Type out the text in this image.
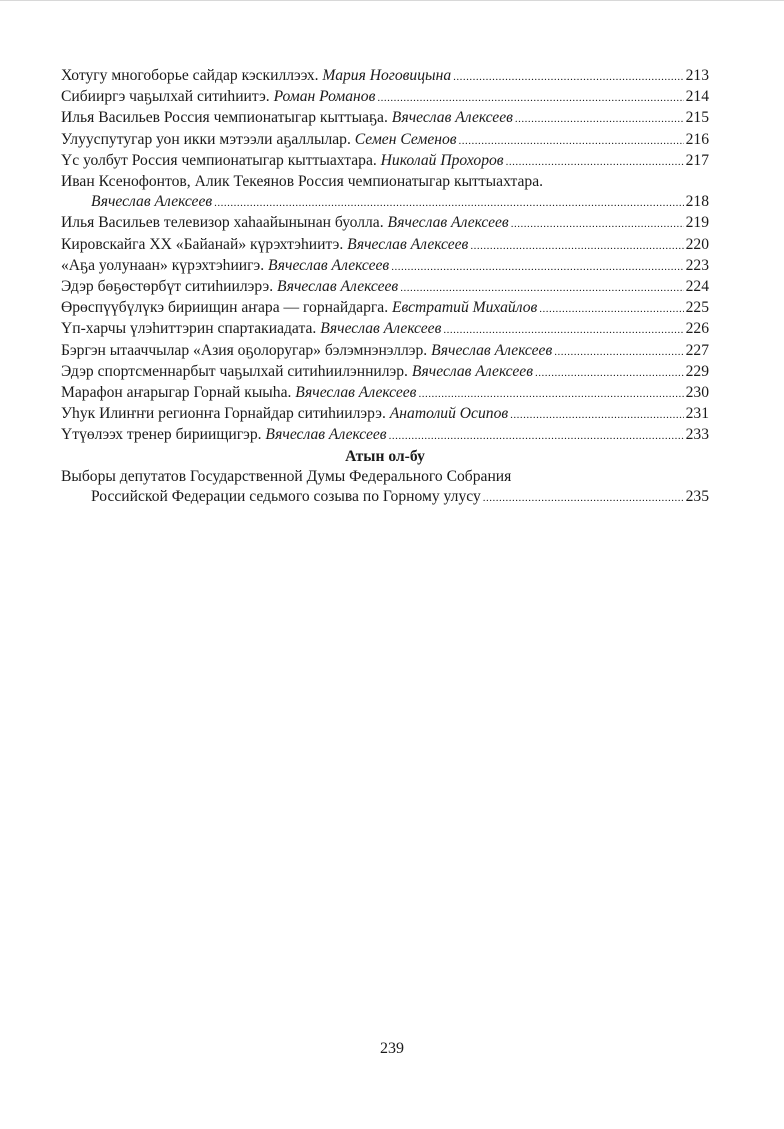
Хотугу многоборье сайдар кэскиллээх. Мария Ноговицына .....	213
Сибииргэ чаҕылхай ситиһиитэ. Роман Романов .....	214
Илья Васильев Россия чемпионатыгар кыттыаҕа. Вячеслав Алексеев .....	215
Улууспутугар уон икки мэтээли аҕаллылар. Семен Семенов .....	216
Үс уолбут Россия чемпионатыгар кыттыахтара. Николай Прохоров .....	217
Иван Ксенофонтов, Алик Текеянов Россия чемпионатыгар кыттыахтара.
Вячеслав Алексеев .....	218
Илья Васильев телевизор хаһаайынынан буолла. Вячеслав Алексеев .....	219
Кировскайга XX «Байанай» күрэхтэһиитэ. Вячеслав Алексеев .....	220
«Аҕа уолунаан» күрэхтэһиигэ. Вячеслав Алексеев .....	223
Эдэр бөҕөстөрбүт ситиһиилэрэ. Вячеслав Алексеев .....	224
Өрөспүүбүлүкэ бириищин аҥара — горнайдарга. Евстратий Михайлов .....	225
Үп-харчы үлэһиттэрин спартакиадата. Вячеслав Алексеев .....	226
Бэргэн ытааччылар «Азия оҕолоругар» бэлэмнэнэллэр. Вячеслав Алексеев .....	227
Эдэр спортсменнарбыт чаҕылхай ситиһиилэннилэр. Вячеслав Алексеев .....	229
Марафон аҥарыгар Горнай кыыһа. Вячеслав Алексеев .....	230
Уһук Илиҥҥи регионҥа Горнайдар ситиһиилэрэ. Анатолий Осипов .....	231
Үтүөлээх тренер бириищигэр. Вячеслав Алексеев .....	233
Атын ол-бу
Выборы депутатов Государственной Думы Федерального Собрания
Российской Федерации седьмого созыва по Горному улусу .....	235
239
